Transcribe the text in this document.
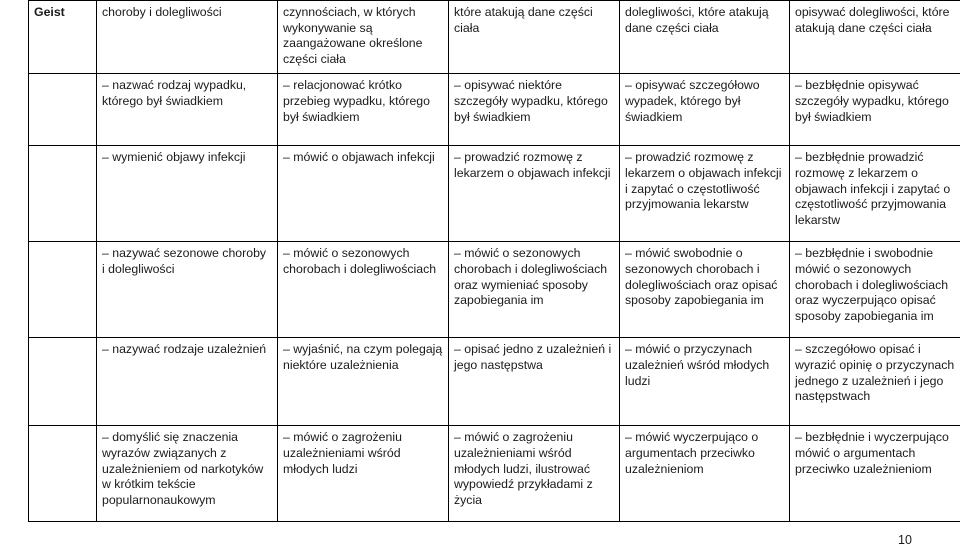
Geist	choroby i dolegliwości	czynnościach, w których wykonywanie są zaangażowane określone części ciała	które atakują dane części ciała	dolegliwości, które atakują dane części ciała	opisywać dolegliwości, które atakują dane części ciała
	– nazwać rodzaj wypadku, którego był świadkiem	– relacjonować krótko przebieg wypadku, którego był świadkiem	– opisywać niektóre szczegóły wypadku, którego był świadkiem	– opisywać szczegółowo wypadek, którego był świadkiem	– bezbłędnie opisywać szczegóły wypadku, którego był świadkiem
	– wymienić objawy infekcji	– mówić o objawach infekcji	– prowadzić rozmowę z lekarzem o objawach infekcji	– prowadzić rozmowę z lekarzem o objawach infekcji i zapytać o częstotliwość przyjmowania lekarstw	– bezbłędnie prowadzić rozmowę z lekarzem o objawach infekcji i zapytać o częstotliwość przyjmowania lekarstw
	– nazywać sezonowe choroby i dolegliwości	– mówić o sezonowych chorobach i dolegliwościach	– mówić o sezonowych chorobach i dolegliwościach oraz wymieniać sposoby zapobiegania im	– mówić swobodnie o sezonowych chorobach i dolegliwościach oraz opisać sposoby zapobiegania im	– bezbłędnie i swobodnie mówić o sezonowych chorobach i dolegliwościach oraz wyczerpująco opisać sposoby zapobiegania im
	– nazywać rodzaje uzależnień	– wyjaśnić, na czym polegają niektóre uzależnienia	– opisać jedno z uzależnień i jego następstwa	– mówić o przyczynach uzależnień wśród młodych ludzi	– szczegółowo opisać i wyrazić opinię o przyczynach jednego z uzależnień i jego następstwach
	– domyślić się znaczenia wyrazów związanych z uzależnieniem od narkotyków w krótkim tekście popularnonaukowym	– mówić o zagrożeniu uzależnieniami wśród młodych ludzi	– mówić o zagrożeniu uzależnieniami wśród młodych ludzi, ilustrować wypowiedź przykładami z życia	– mówić wyczerpująco o argumentach przeciwko uzależnieniom	– bezbłędnie i wyczerpująco mówić o argumentach przeciwko uzależnieniom
10
